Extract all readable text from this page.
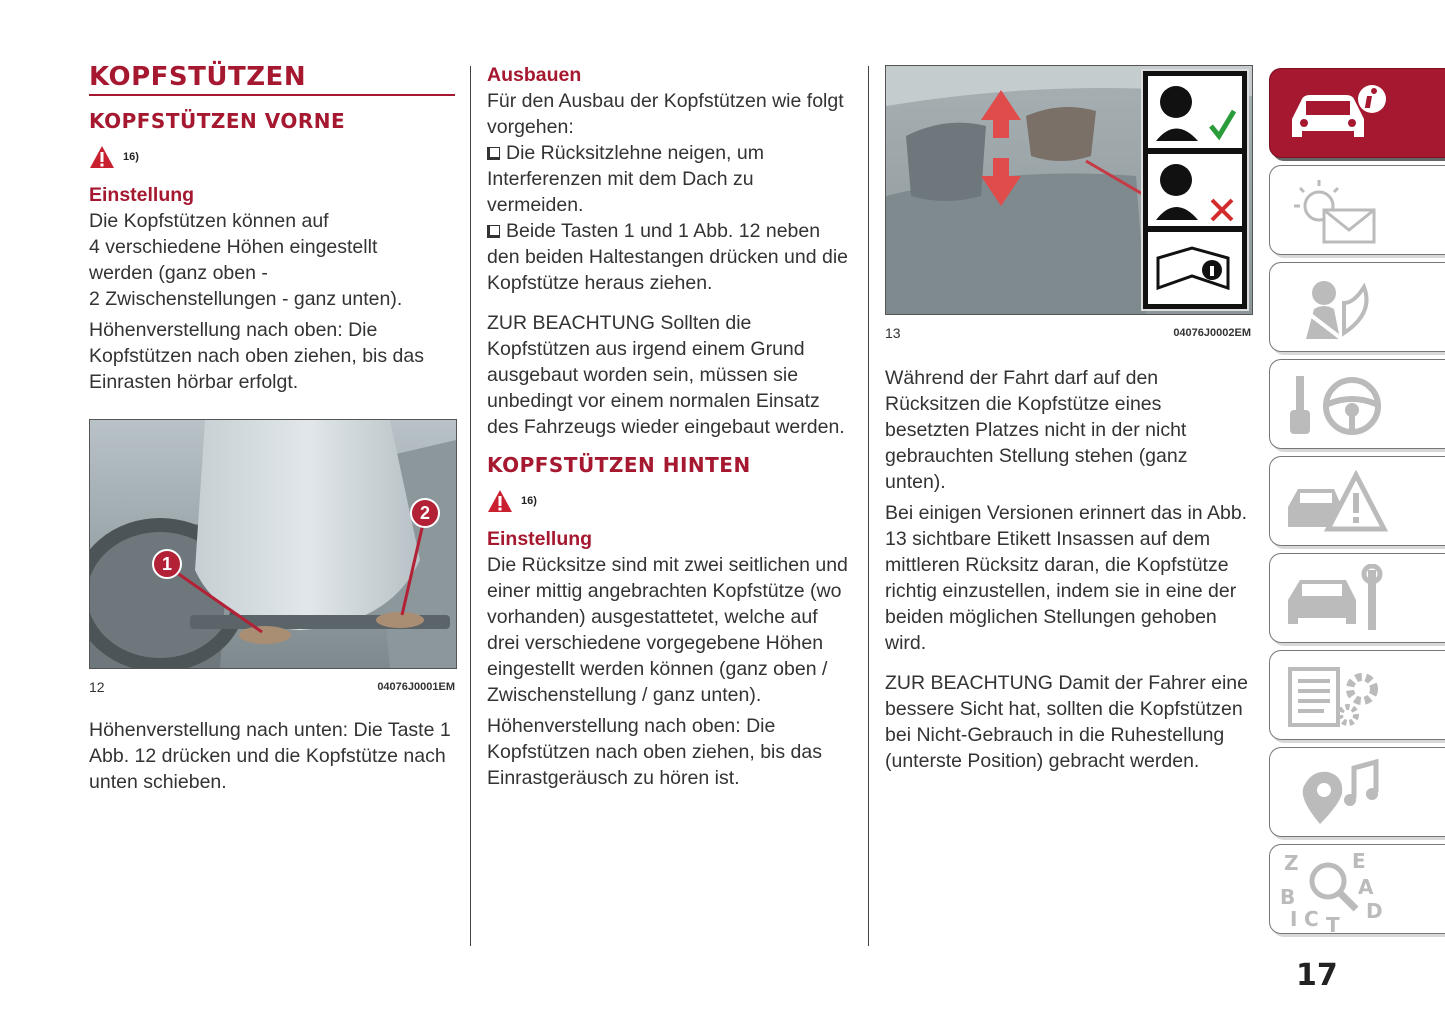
KOPFSTÜTZEN
KOPFSTÜTZEN VORNE
16)
Einstellung

Die Kopfstützen können auf
4 verschiedene Höhen eingestellt
werden (ganz oben -
2 Zwischenstellungen - ganz unten).

Höhenverstellung nach oben: Die Kopfstützen nach oben ziehen, bis das Einrasten hörbar erfolgt.

1
2
12	04076J0001EM

Höhenverstellung nach unten: Die Taste 1 Abb. 12 drücken und die Kopfstütze nach unten schieben.

Ausbauen

Für den Ausbau der Kopfstützen wie folgt vorgehen:

Die Rücksitzlehne neigen, um Interferenzen mit dem Dach zu vermeiden.

Beide Tasten 1 und 1 Abb. 12 neben den beiden Haltestangen drücken und die Kopfstütze heraus ziehen.

ZUR BEACHTUNG Sollten die Kopfstützen aus irgend einem Grund ausgebaut worden sein, müssen sie unbedingt vor einem normalen Einsatz des Fahrzeugs wieder eingebaut werden.

KOPFSTÜTZEN HINTEN
16)
Einstellung

Die Rücksitze sind mit zwei seitlichen und einer mittig angebrachten Kopfstütze (wo vorhanden) ausgestattetet, welche auf drei verschiedene vorgegebene Höhen eingestellt werden können (ganz oben / Zwischenstellung / ganz unten).

Höhenverstellung nach oben: Die Kopfstützen nach oben ziehen, bis das Einrastgeräusch zu hören ist.

13	04076J0002EM

Während der Fahrt darf auf den Rücksitzen die Kopfstütze eines besetzten Platzes nicht in der nicht gebrauchten Stellung stehen (ganz unten).

Bei einigen Versionen erinnert das in Abb. 13 sichtbare Etikett Insassen auf dem mittleren Rücksitz daran, die Kopfstütze richtig einzustellen, indem sie in eine der beiden möglichen Stellungen gehoben wird.

ZUR BEACHTUNG Damit der Fahrer eine bessere Sicht hat, sollten die Kopfstützen bei Nicht-Gebrauch in die Ruhestellung (unterste Position) gebracht werden.

Z	E
B	A
I C T
D
17
